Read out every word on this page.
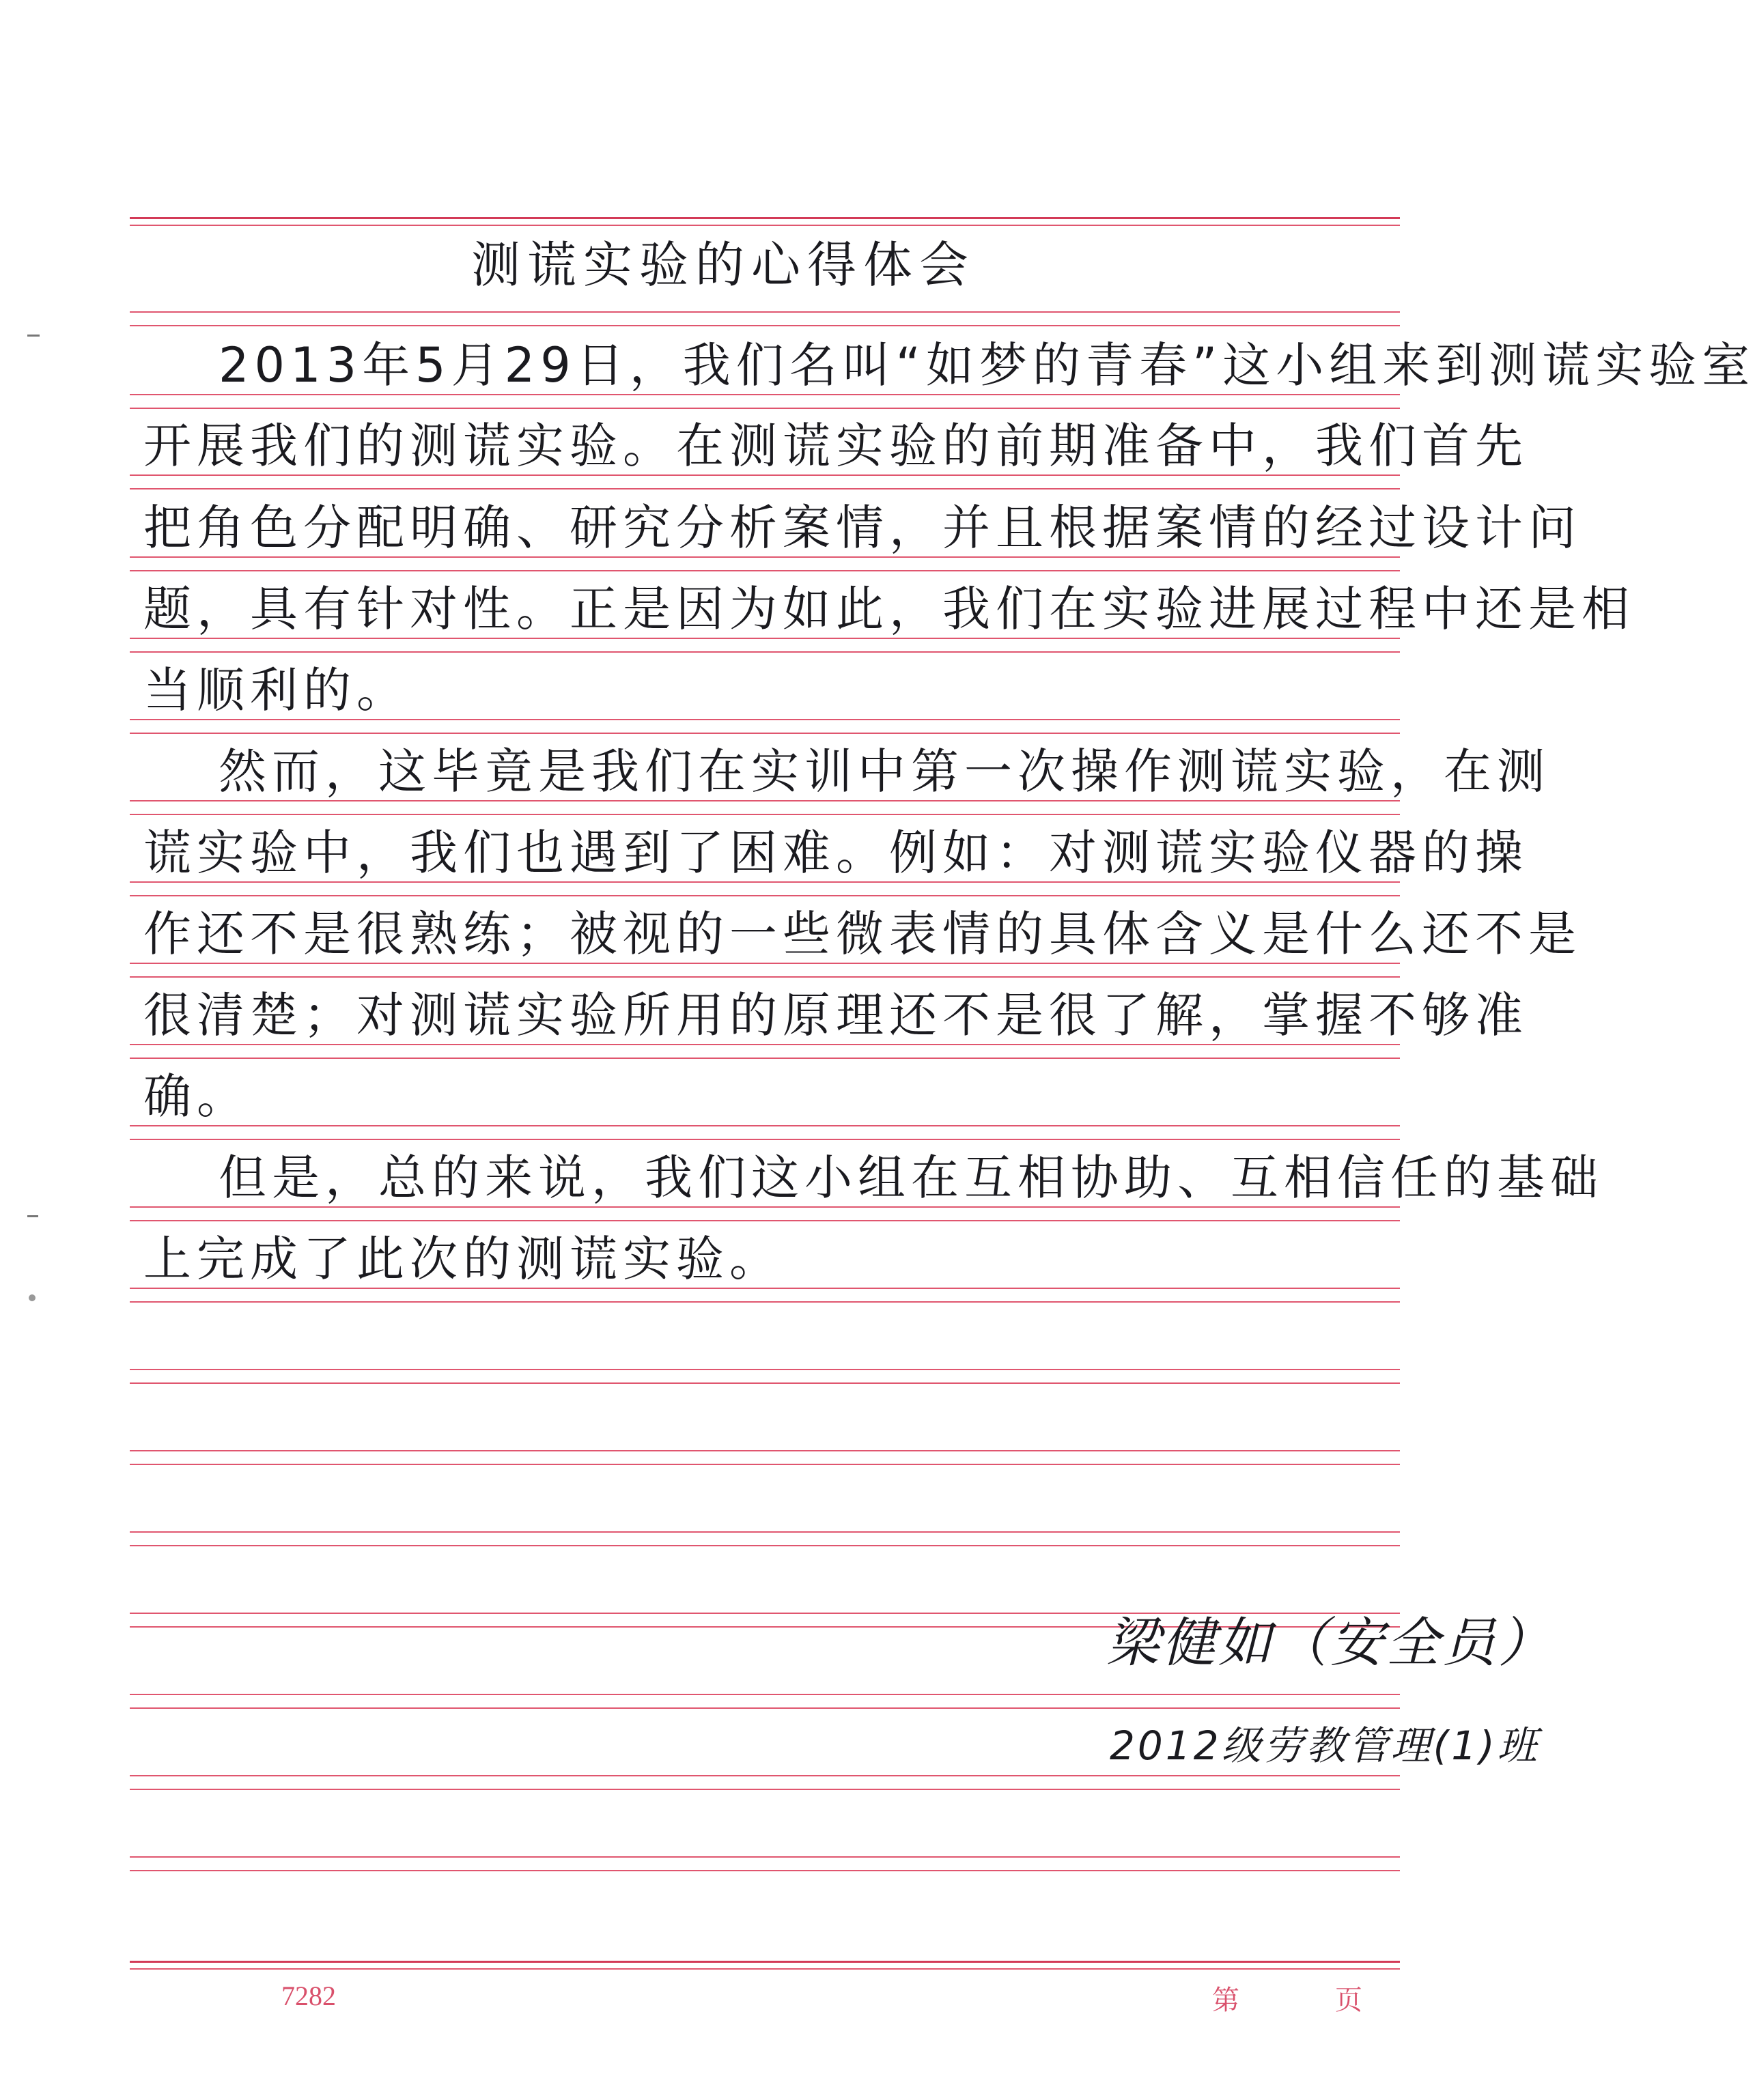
测谎实验的心得体会
2013年5月29日，我们名叫“如梦的青春”这小组来到测谎实验室
开展我们的测谎实验。在测谎实验的前期准备中，我们首先
把角色分配明确、研究分析案情，并且根据案情的经过设计问
题，具有针对性。正是因为如此，我们在实验进展过程中还是相
当顺利的。
然而，这毕竟是我们在实训中第一次操作测谎实验，在测
谎实验中，我们也遇到了困难。例如：对测谎实验仪器的操
作还不是很熟练；被视的一些微表情的具体含义是什么还不是
很清楚；对测谎实验所用的原理还不是很了解，掌握不够准
确。
但是，总的来说，我们这小组在互相协助、互相信任的基础
上完成了此次的测谎实验。
梁健如（安全员）
2012级劳教管理(1)班
7282	第	页
